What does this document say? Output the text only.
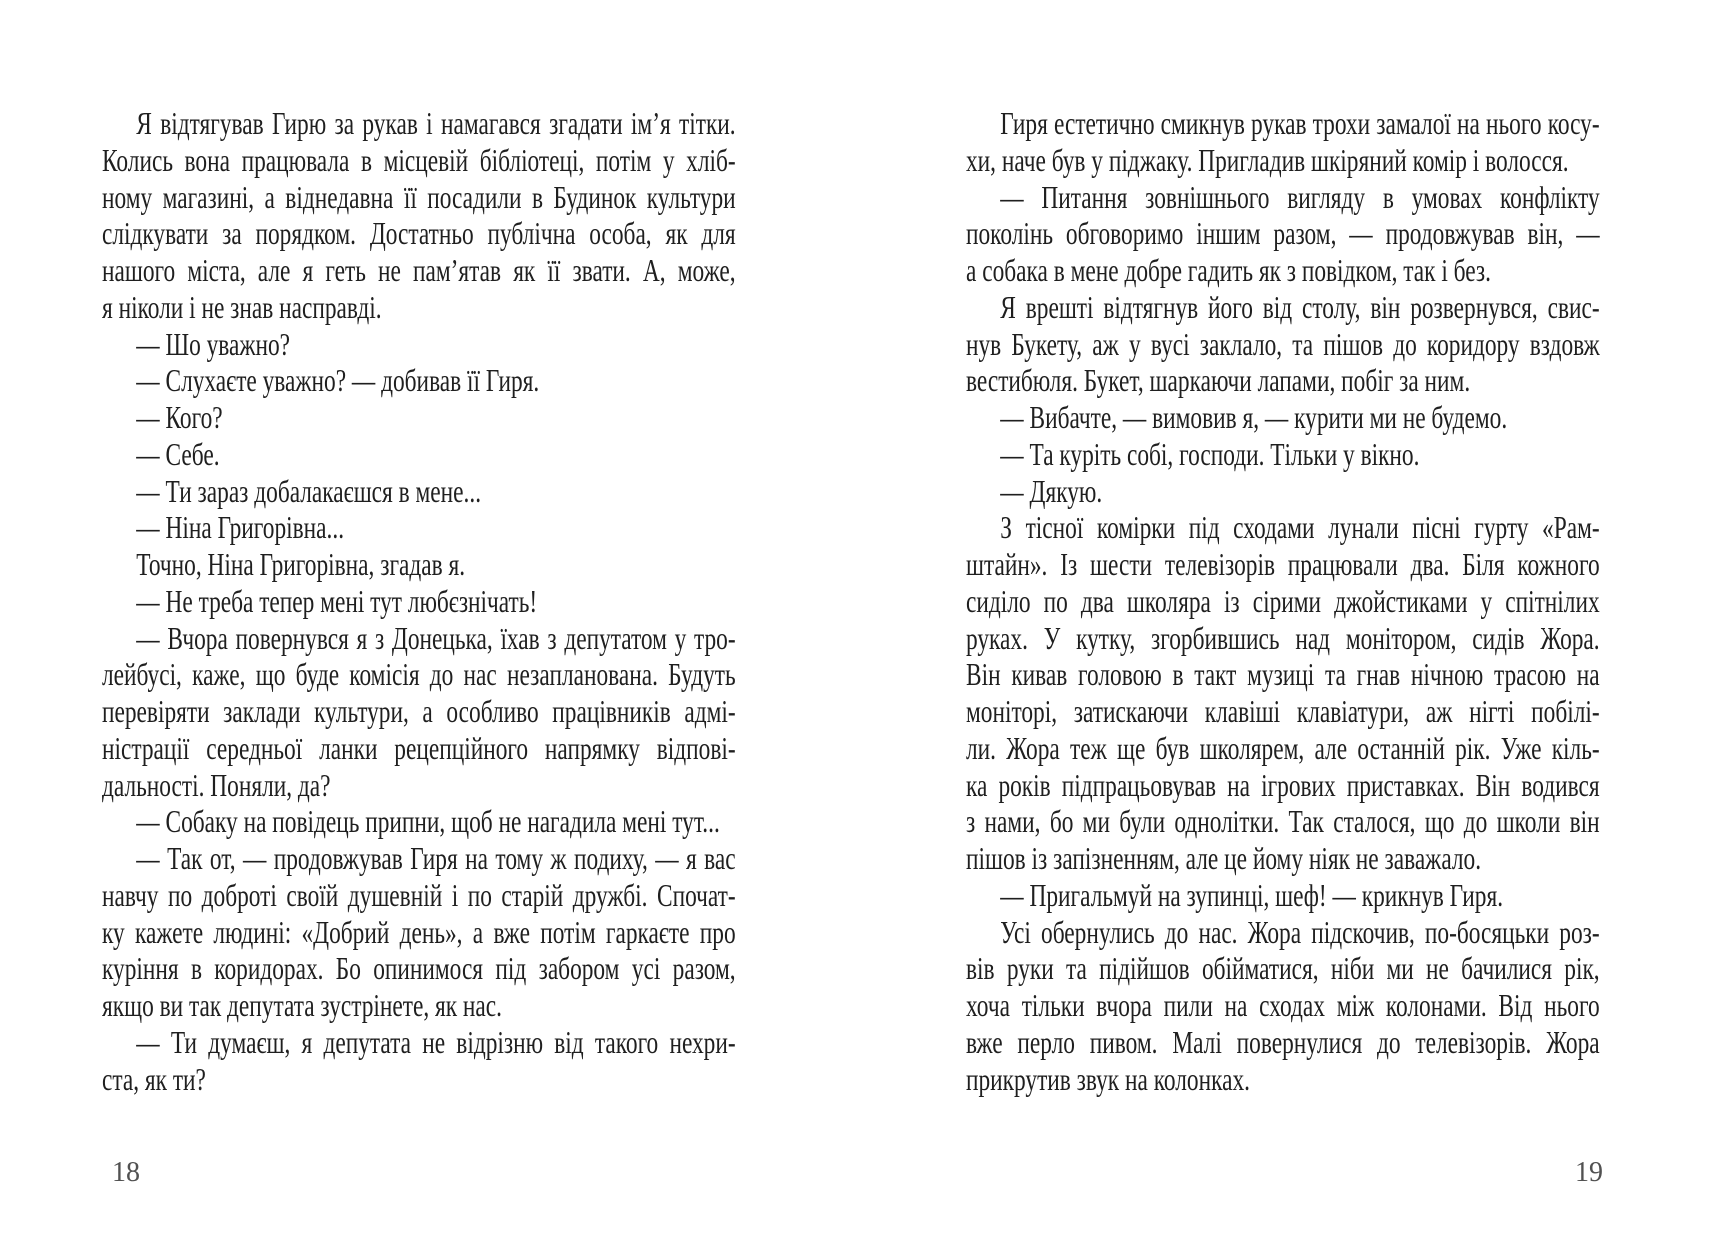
Я відтягував Гирю за рукав і намагався згадати ім’я тітки.
Колись вона працювала в місцевій бібліотеці, потім у хліб-
ному магазині, а віднедавна її посадили в Будинок культури
слідкувати за порядком. Достатньо публічна особа, як для
нашого міста, але я геть не пам’ятав як її звати. А, може,
я ніколи і не знав насправді.
— Шо уважно?
— Слухаєте уважно? — добивав її Гиря.
— Кого?
— Себе.
— Ти зараз добалакаєшся в мене...
— Ніна Григорівна...
Точно, Ніна Григорівна, згадав я.
— Не треба тепер мені тут любєзнічать!
— Вчора повернувся я з Донецька, їхав з депутатом у тро-
лейбусі, каже, що буде комісія до нас незапланована. Будуть
перевіряти заклади культури, а особливо працівників адмі-
ністрації середньої ланки рецепційного напрямку відпові-
дальності. Поняли, да?
— Собаку на повідець припни, щоб не нагадила мені тут...
— Так от, — продовжував Гиря на тому ж подиху, — я вас
навчу по доброті своїй душевній і по старій дружбі. Спочат-
ку кажете людині: «Добрий день», а вже потім гаркаєте про
куріння в коридорах. Бо опинимося під забором усі разом,
якщо ви так депутата зустрінете, як нас.
— Ти думаєш, я депутата не відрізню від такого нехри-
ста, як ти?
18
Гиря естетично смикнув рукав трохи замалої на нього косу-
хи, наче був у піджаку. Пригладив шкіряний комір і волосся.
— Питання зовнішнього вигляду в умовах конфлікту
поколінь обговоримо іншим разом, — продовжував він, —
а собака в мене добре гадить як з повідком, так і без.
Я врешті відтягнув його від столу, він розвернувся, свис-
нув Букету, аж у вусі заклало, та пішов до коридору вздовж
вестибюля. Букет, шаркаючи лапами, побіг за ним.
— Вибачте, — вимовив я, — курити ми не будемо.
— Та куріть собі, господи. Тільки у вікно.
— Дякую.
З тісної комірки під сходами лунали пісні гурту «Рам-
штайн». Із шести телевізорів працювали два. Біля кожного
сиділо по два школяра із сірими джойстиками у спітнілих
руках. У кутку, згорбившись над монітором, сидів Жора.
Він кивав головою в такт музиці та гнав нічною трасою на
моніторі, затискаючи клавіші клавіатури, аж нігті побілі-
ли. Жора теж ще був школярем, але останній рік. Уже кіль-
ка років підпрацьовував на ігрових приставках. Він водився
з нами, бо ми були однолітки. Так сталося, що до школи він
пішов із запізненням, але це йому ніяк не заважало.
— Пригальмуй на зупинці, шеф! — крикнув Гиря.
Усі обернулись до нас. Жора підскочив, по-босяцьки роз-
вів руки та підійшов обійматися, ніби ми не бачилися рік,
хоча тільки вчора пили на сходах між колонами. Від нього
вже перло пивом. Малі повернулися до телевізорів. Жора
прикрутив звук на колонках.
19
